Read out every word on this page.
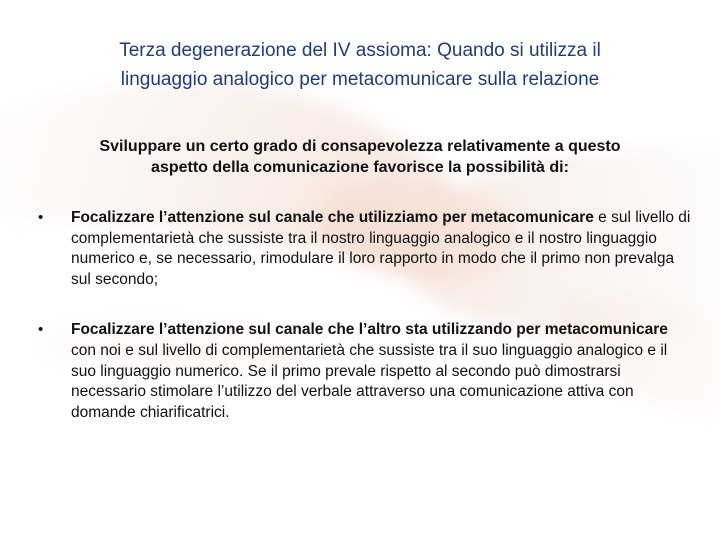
Terza degenerazione del IV assioma: Quando si utilizza il
linguaggio analogico per metacomunicare sulla relazione
Sviluppare un certo grado di consapevolezza relativamente a questo
aspetto della comunicazione favorisce la possibilità di:
• Focalizzare l’attenzione sul canale che utilizziamo per metacomunicare e sul livello di complementarietà che sussiste tra il nostro linguaggio analogico e il nostro linguaggio numerico e, se necessario, rimodulare il loro rapporto in modo che il primo non prevalga sul secondo;
• Focalizzare l’attenzione sul canale che l’altro sta utilizzando per metacomunicare con noi e sul livello di complementarietà che sussiste tra il suo linguaggio analogico e il suo linguaggio numerico. Se il primo prevale rispetto al secondo può dimostrarsi necessario stimolare l’utilizzo del verbale attraverso una comunicazione attiva con domande chiarificatrici.
